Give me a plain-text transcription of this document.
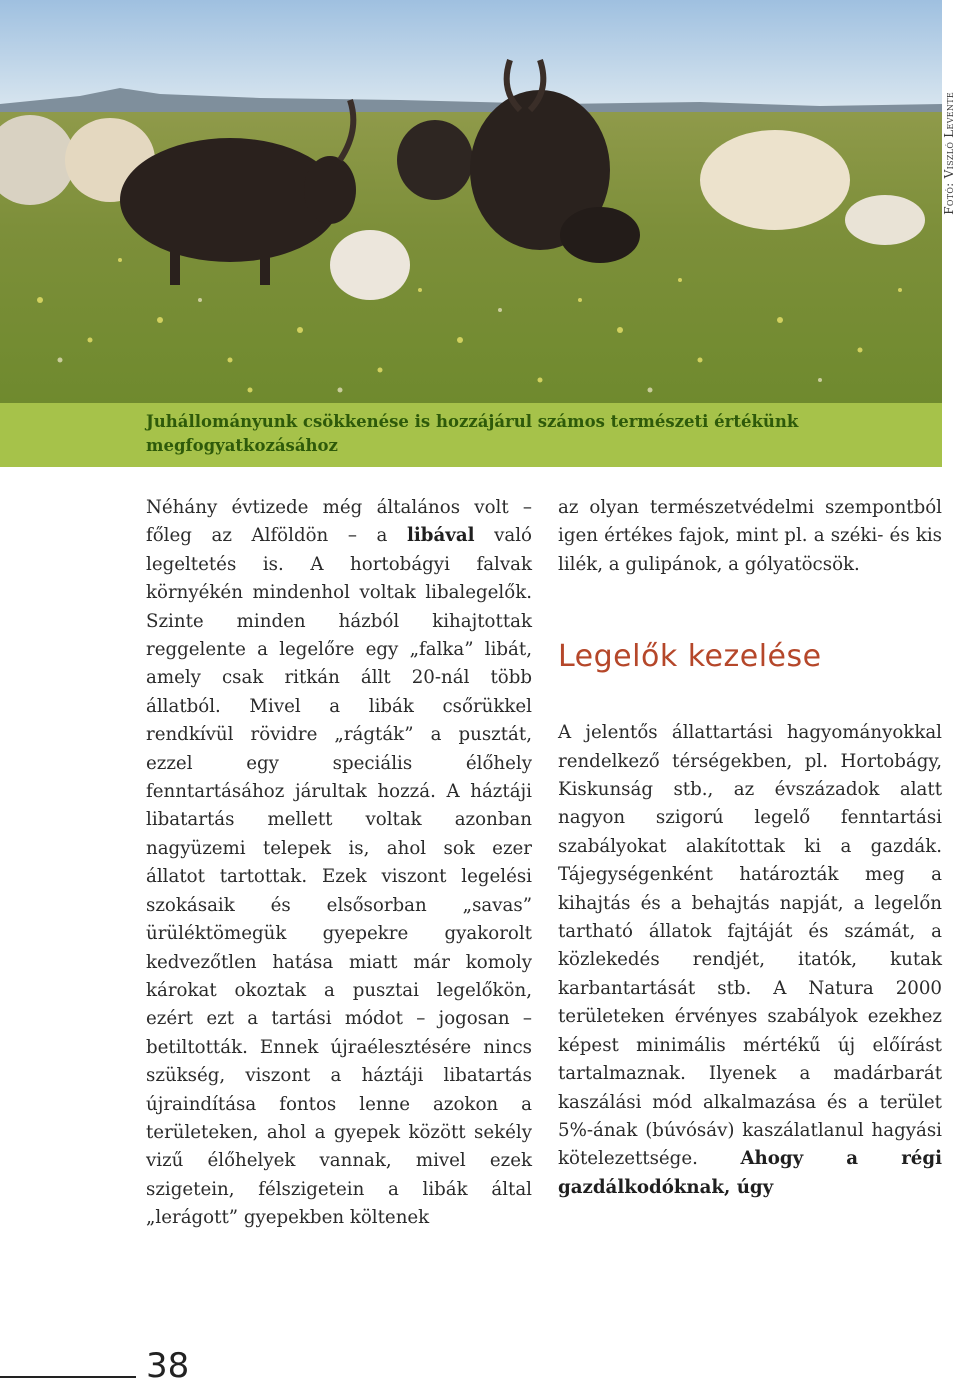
Fotó: Viszló Levente
Juhállományunk csökkenése is hozzájárul számos természeti értékünk megfogyatkozásához

Néhány évtizede még általános volt – főleg az Alföldön – a libával való legeltetés is. A hortobágyi falvak környékén mindenhol voltak libalegelők. Szinte minden házból kihajtottak reggelente a legelőre egy „falka” libát, amely csak ritkán állt 20-nál több állatból. Mivel a libák csőrükkel rendkívül rövidre „rágták” a pusztát, ezzel egy speciális élőhely fenntartásához járultak hozzá. A háztáji libatartás mellett voltak azonban nagyüzemi telepek is, ahol sok ezer állatot tartottak. Ezek viszont legelési szokásaik és elsősorban „savas” ürüléktömegük gyepekre gyakorolt kedvezőtlen hatása miatt már komoly károkat okoztak a pusztai legelőkön, ezért ezt a tartási módot – jogosan – betiltották. Ennek újraélesztésére nincs szükség, viszont a háztáji libatartás újraindítása fontos lenne azokon a területeken, ahol a gyepek között sekély vizű élőhelyek vannak, mivel ezek szigetein, félszigetein a libák által „lerágott” gyepekben költenek

az olyan természetvédelmi szempontból igen értékes fajok, mint pl. a széki- és kis lilék, a gulipánok, a gólyatöcsök.

Legelők kezelése

A jelentős állattartási hagyományokkal rendelkező térségekben, pl. Hortobágy, Kiskunság stb., az évszázadok alatt nagyon szigorú legelő fenntartási szabályokat alakítottak ki a gazdák. Tájegységenként határozták meg a kihajtás és a behajtás napját, a legelőn tartható állatok fajtáját és számát, a közlekedés rendjét, itatók, kutak karbantartását stb. A Natura 2000 területeken érvényes szabályok ezekhez képest minimális mértékű új előírást tartalmaznak. Ilyenek a madárbarát kaszálási mód alkalmazása és a terület 5%-ának (búvósáv) kaszálatlanul hagyási kötelezettsége. Ahogy a régi gazdálkodóknak, úgy

38
